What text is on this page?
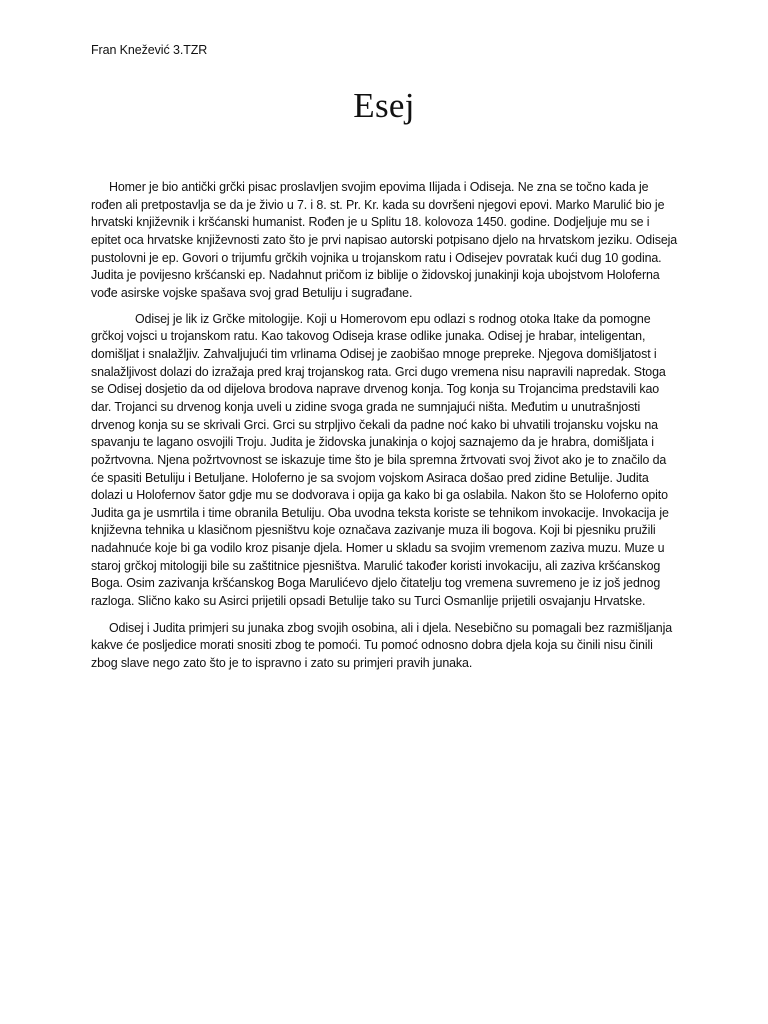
Fran Knežević 3.TZR
Esej

Homer je bio antički grčki pisac proslavljen svojim epovima Ilijada i Odiseja. Ne zna se točno kada je rođen ali pretpostavlja se da je živio u 7. i 8. st. Pr. Kr. kada su dovršeni njegovi epovi. Marko Marulić bio je hrvatski književnik i kršćanski humanist. Rođen je u Splitu 18. kolovoza 1450. godine. Dodjeljuje mu se i epitet oca hrvatske književnosti zato što je prvi napisao autorski potpisano djelo na hrvatskom jeziku. Odiseja pustolovni je ep. Govori o trijumfu grčkih vojnika u trojanskom ratu i Odisejev povratak kući dug 10 godina. Judita je povijesno kršćanski ep. Nadahnut pričom iz biblije o židovskoj junakinji koja ubojstvom Holoferna vođe asirske vojske spašava svoj grad Betuliju i sugrađane.

Odisej je lik iz Grčke mitologije. Koji u Homerovom epu odlazi s rodnog otoka Itake da pomogne grčkoj vojsci u trojanskom ratu. Kao takovog Odiseja krase odlike junaka. Odisej je hrabar, inteligentan, domišljat i snalažljiv. Zahvaljujući tim vrlinama Odisej je zaobišao mnoge prepreke. Njegova domišljatost i snalažljivost dolazi do izražaja pred kraj trojanskog rata. Grci dugo vremena nisu napravili napredak. Stoga se Odisej dosjetio da od dijelova brodova naprave drvenog konja. Tog konja su Trojancima predstavili kao dar. Trojanci su drvenog konja uveli u zidine svoga grada ne sumnjajući ništa. Međutim u unutrašnjosti drvenog konja su se skrivali Grci. Grci su strpljivo čekali da padne noć kako bi uhvatili trojansku vojsku na spavanju te lagano osvojili Troju. Judita je židovska junakinja o kojoj saznajemo da je hrabra, domišljata i požrtvovna. Njena požrtvovnost se iskazuje time što je bila spremna žrtvovati svoj život ako je to značilo da će spasiti Betuliju i Betuljane. Holoferno je sa svojom vojskom Asiraca došao pred zidine Betulije. Judita dolazi u Holofernov šator gdje mu se dodvorava i opija ga kako bi ga oslabila. Nakon što se Holoferno opito Judita ga je usmrtila i time obranila Betuliju. Oba uvodna teksta koriste se tehnikom invokacije. Invokacija je književna tehnika u klasičnom pjesništvu koje označava zazivanje muza ili bogova. Koji bi pjesniku pružili nadahnuće koje bi ga vodilo kroz pisanje djela. Homer u skladu sa svojim vremenom zaziva muzu. Muze u staroj grčkoj mitologiji bile su zaštitnice pjesništva. Marulić također koristi invokaciju, ali zaziva kršćanskog Boga. Osim zazivanja kršćanskog Boga Marulićevo djelo čitatelju tog vremena suvremeno je iz još jednog razloga. Slično kako su Asirci prijetili opsadi Betulije tako su Turci Osmanlije prijetili osvajanju Hrvatske.

Odisej i Judita primjeri su junaka zbog svojih osobina, ali i djela. Nesebično su pomagali bez razmišljanja kakve će posljedice morati snositi zbog te pomoći. Tu pomoć odnosno dobra djela koja su činili nisu činili zbog slave nego zato što je to ispravno i zato su primjeri pravih junaka.
